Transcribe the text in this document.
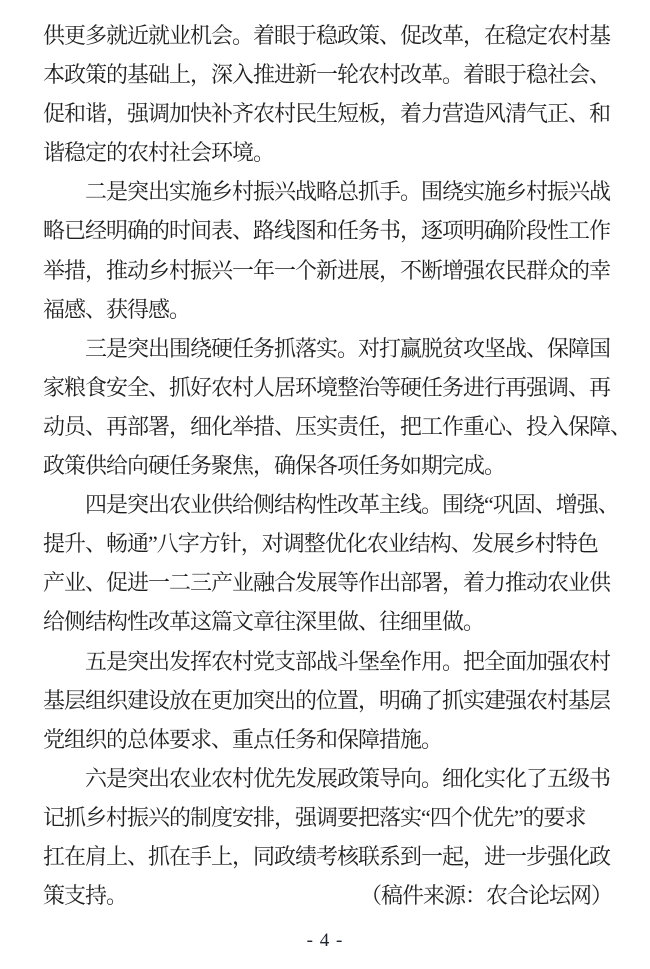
供更多就近就业机会。着眼于稳政策、促改革，在稳定农村基
本政策的基础上，深入推进新一轮农村改革。着眼于稳社会、
促和谐，强调加快补齐农村民生短板，着力营造风清气正、和
谐稳定的农村社会环境。
二是突出实施乡村振兴战略总抓手。围绕实施乡村振兴战
略已经明确的时间表、路线图和任务书，逐项明确阶段性工作
举措，推动乡村振兴一年一个新进展，不断增强农民群众的幸
福感、获得感。
三是突出围绕硬任务抓落实。对打赢脱贫攻坚战、保障国
家粮食安全、抓好农村人居环境整治等硬任务进行再强调、再
动员、再部署，细化举措、压实责任，把工作重心、投入保障、
政策供给向硬任务聚焦，确保各项任务如期完成。
四是突出农业供给侧结构性改革主线。围绕“巩固、增强、
提升、畅通”八字方针，对调整优化农业结构、发展乡村特色
产业、促进一二三产业融合发展等作出部署，着力推动农业供
给侧结构性改革这篇文章往深里做、往细里做。
五是突出发挥农村党支部战斗堡垒作用。把全面加强农村
基层组织建设放在更加突出的位置，明确了抓实建强农村基层
党组织的总体要求、重点任务和保障措施。
六是突出农业农村优先发展政策导向。细化实化了五级书
记抓乡村振兴的制度安排，强调要把落实“四个优先”的要求
扛在肩上、抓在手上，同政绩考核联系到一起，进一步强化政
策支持。	（稿件来源：农合论坛网）
- 4 -
